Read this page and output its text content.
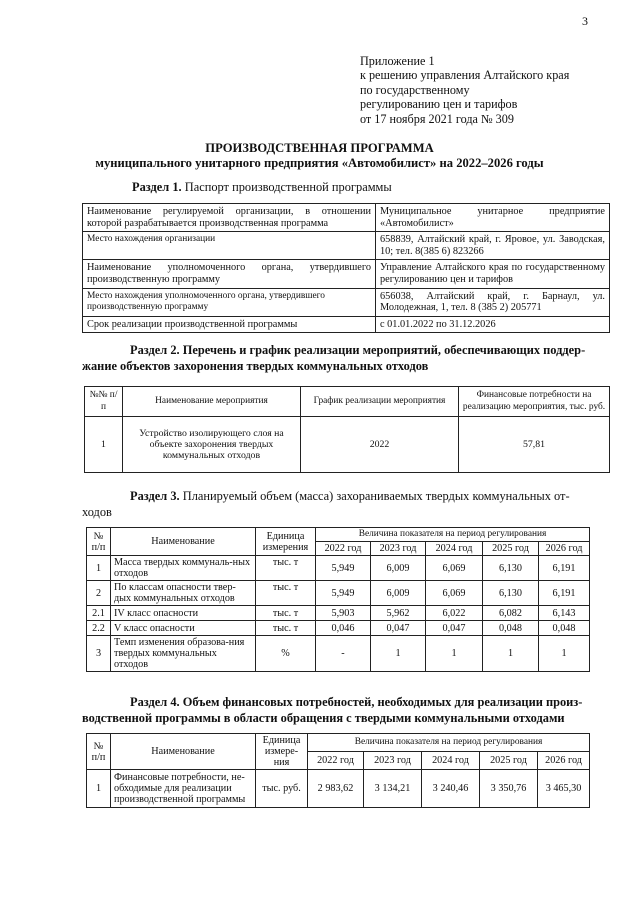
3
Приложение 1
к решению управления Алтайского края
по государственному
регулированию цен и тарифов
от 17 ноября 2021 года № 309
ПРОИЗВОДСТВЕННАЯ ПРОГРАММА
муниципального унитарного предприятия «Автомобилист» на 2022–2026 годы
Раздел 1. Паспорт производственной программы
Наименование регулируемой организации, в отношении которой разрабатывается производственная программа	Муниципальное унитарное предприятие «Автомобилист»
Место нахождения организации	658839, Алтайский край, г. Яровое, ул. Заводская, 10; тел. 8(385 6) 823266
Наименование уполномоченного органа, утвердившего производственную программу	Управление Алтайского края по государственному регулированию цен и тарифов
Место нахождения уполномоченного органа, утвердившего производственную программу	656038, Алтайский край, г. Барнаул, ул. Молодежная, 1, тел. 8 (385 2) 205771
Срок реализации производственной программы	с 01.01.2022 по 31.12.2026
Раздел 2. Перечень и график реализации мероприятий, обеспечивающих поддер-
жание объектов захоронения твердых коммунальных отходов
№№ п/п	Наименование мероприятия	График реализации мероприятия	Финансовые потребности на реализацию мероприятия, тыс. руб.
1	Устройство изолирующего слоя на объекте захоронения твердых коммунальных отходов	2022	57,81
Раздел 3. Планируемый объем (масса) захораниваемых твердых коммунальных от-
ходов
№ п/п	Наименование	Единица измерения	Величина показателя на период регулирования				
			2022 год	2023 год	2024 год	2025 год	2026 год
1	Масса твердых коммуналь-ных отходов	тыс. т	5,949	6,009	6,069	6,130	6,191
2	По классам опасности твер-дых коммунальных отходов	тыс. т	5,949	6,009	6,069	6,130	6,191
2.1	IV класс опасности	тыс. т	5,903	5,962	6,022	6,082	6,143
2.2	V класс опасности	тыс. т	0,046	0,047	0,047	0,048	0,048
3	Темп изменения образова-ния твердых коммунальных отходов	%	-	1	1	1	1
Раздел 4. Объем финансовых потребностей, необходимых для реализации произ-
водственной программы в области обращения с твердыми коммунальными отходами
№ п/п	Наименование	Единица измере-ния	Величина показателя на период регулирования				
			2022 год	2023 год	2024 год	2025 год	2026 год
1	Финансовые потребности, не-обходимые для реализации производственной программы	тыс. руб.	2 983,62	3 134,21	3 240,46	3 350,76	3 465,30
